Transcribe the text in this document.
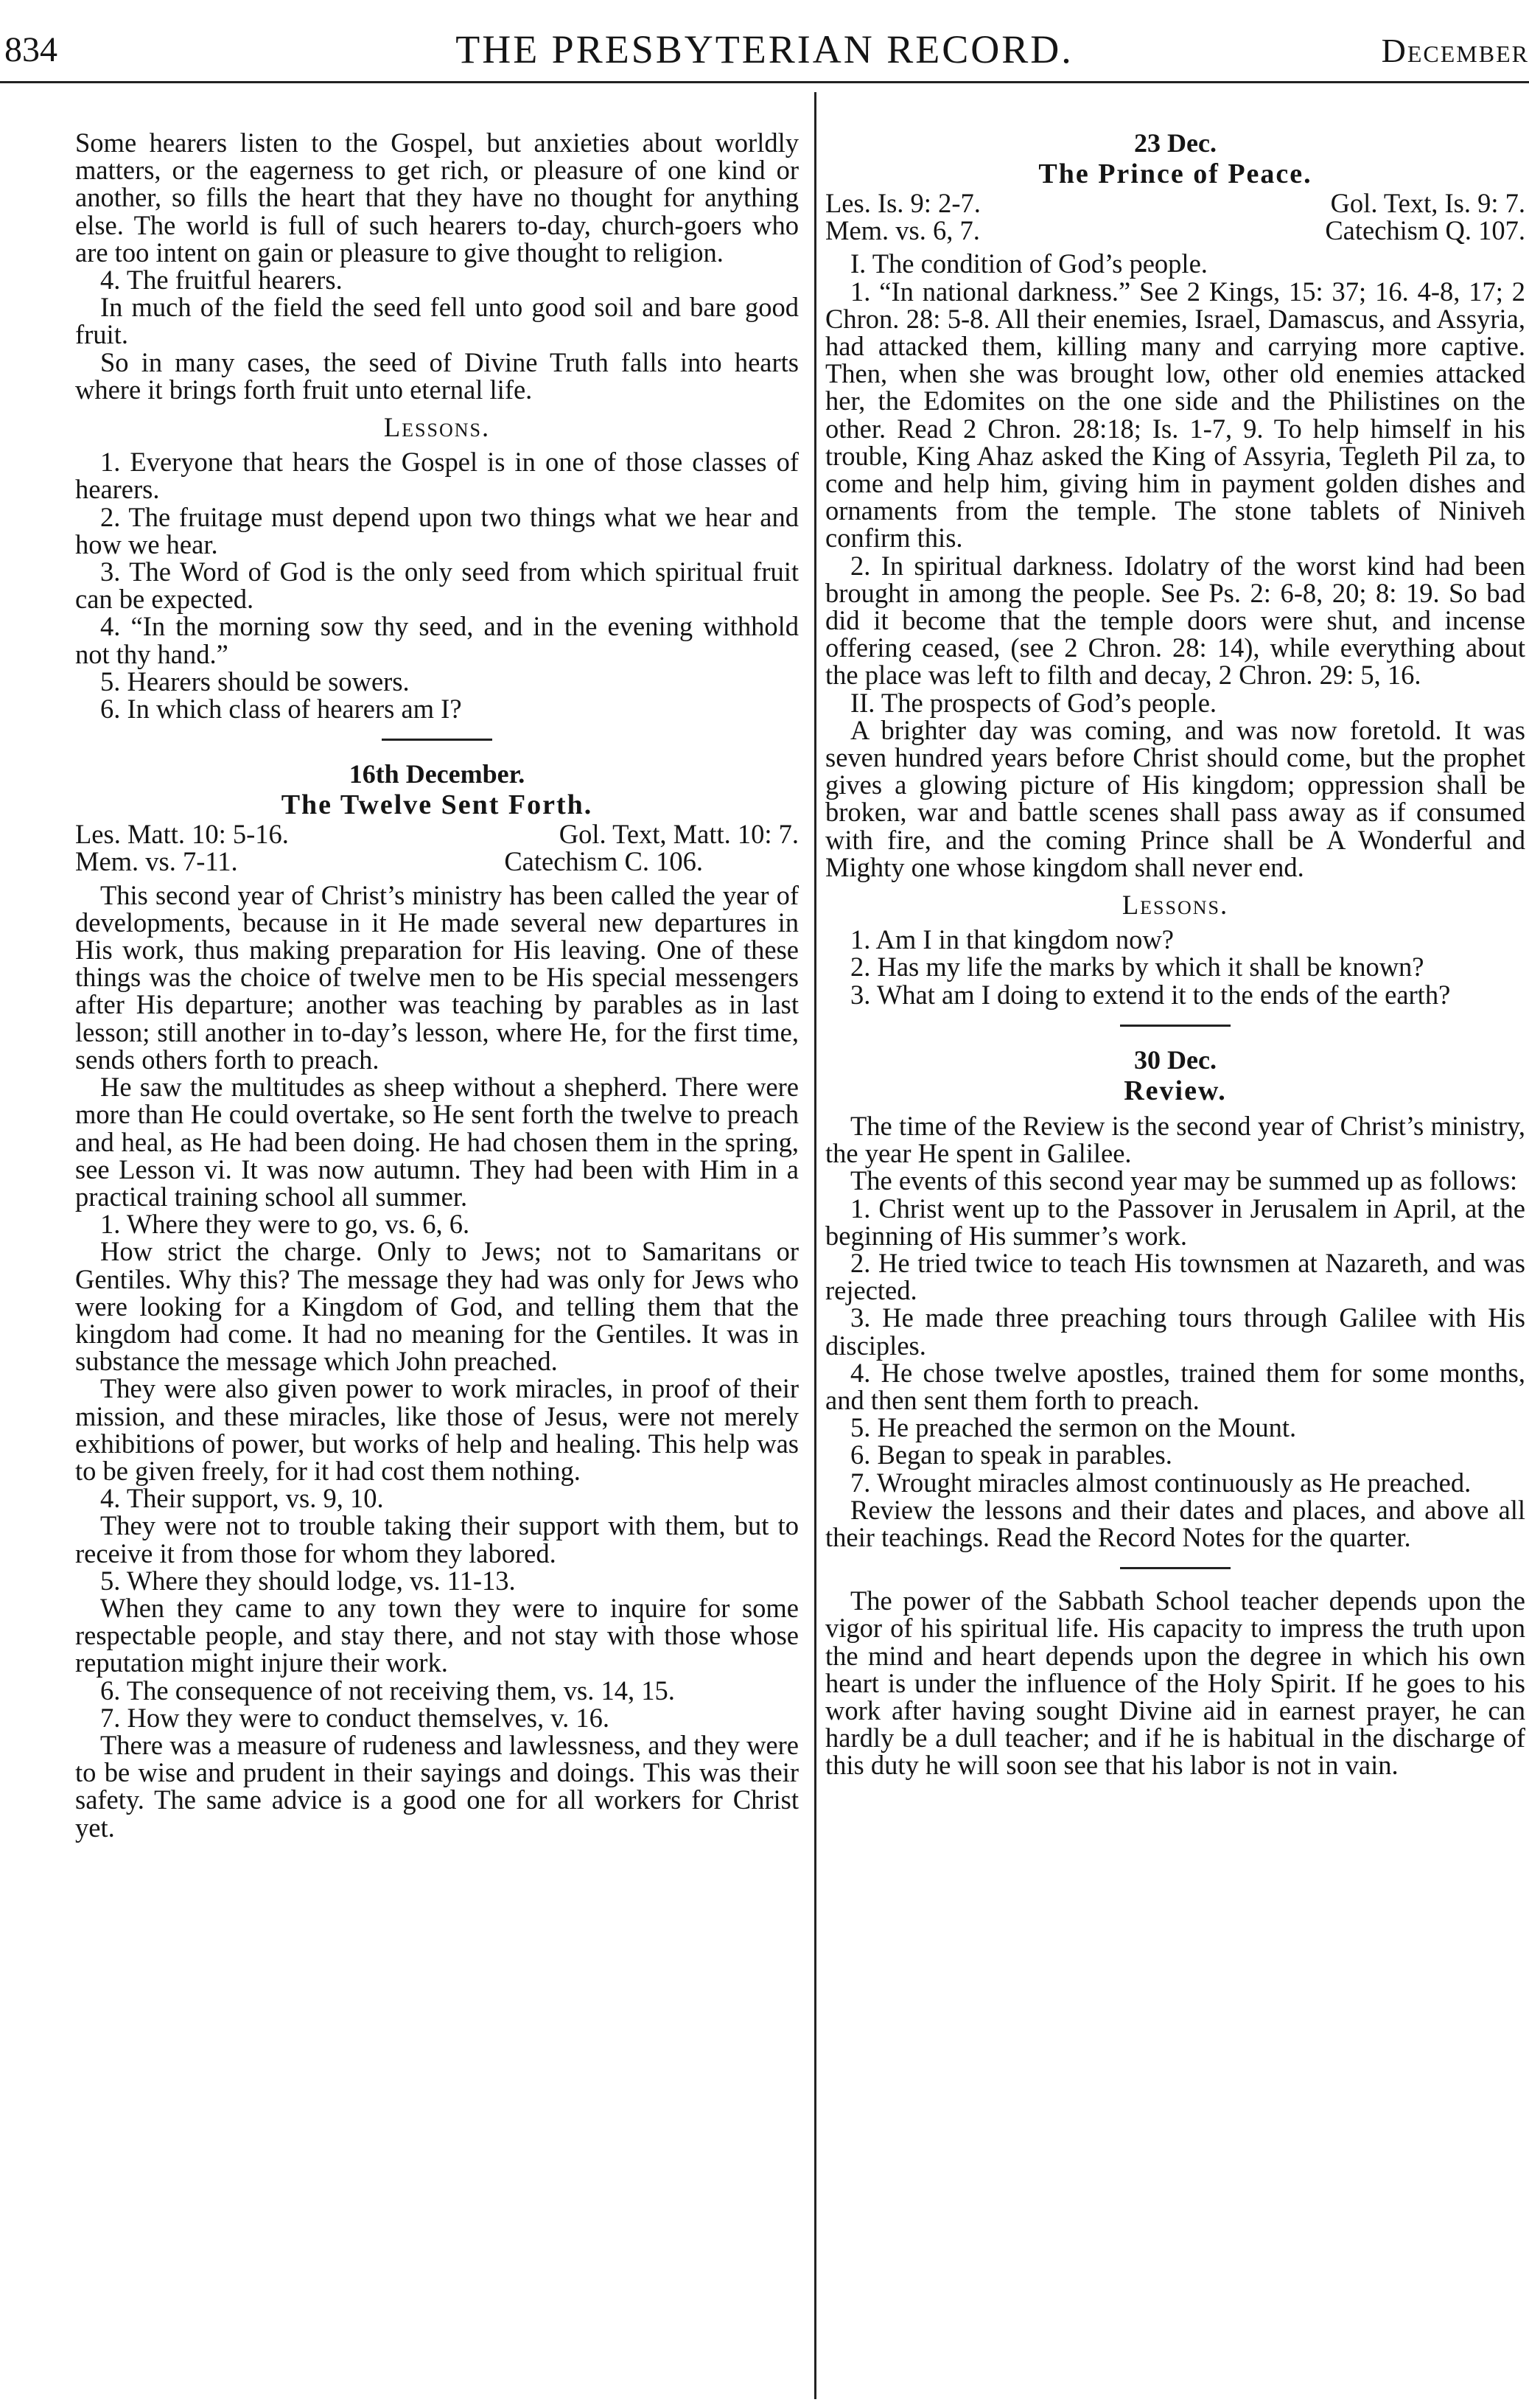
834	THE PRESBYTERIAN RECORD.	December

Some hearers listen to the Gospel, but anxieties about worldly matters, or the eagerness to get rich, or pleasure of one kind or another, so fills the heart that they have no thought for anything else. The world is full of such hearers to-day, church-goers who are too intent on gain or pleasure to give thought to religion.

4. The fruitful hearers.

In much of the field the seed fell unto good soil and bare good fruit.

So in many cases, the seed of Divine Truth falls into hearts where it brings forth fruit unto eternal life.

Lessons.

1. Everyone that hears the Gospel is in one of those classes of hearers.

2. The fruitage must depend upon two things what we hear and how we hear.

3. The Word of God is the only seed from which spiritual fruit can be expected.

4. “In the morning sow thy seed, and in the evening withhold not thy hand.”

5. Hearers should be sowers.

6. In which class of hearers am I?

16th December.
The Twelve Sent Forth.
Les. Matt. 10: 5-16.	Gol. Text, Matt. 10: 7.
Mem. vs. 7-11.	Catechism C. 106.

This second year of Christ’s ministry has been called the year of developments, because in it He made several new departures in His work, thus making preparation for His leaving. One of these things was the choice of twelve men to be His special messengers after His departure; another was teaching by parables as in last lesson; still another in to-day’s lesson, where He, for the first time, sends others forth to preach.

He saw the multitudes as sheep without a shepherd. There were more than He could overtake, so He sent forth the twelve to preach and heal, as He had been doing. He had chosen them in the spring, see Lesson vi. It was now autumn. They had been with Him in a practical training school all summer.

1. Where they were to go, vs. 6, 6.

How strict the charge. Only to Jews; not to Samaritans or Gentiles. Why this? The message they had was only for Jews who were looking for a Kingdom of God, and telling them that the kingdom had come. It had no meaning for the Gentiles. It was in substance the message which John preached.

They were also given power to work miracles, in proof of their mission, and these miracles, like those of Jesus, were not merely exhibitions of power, but works of help and healing. This help was to be given freely, for it had cost them nothing.

4. Their support, vs. 9, 10.

They were not to trouble taking their support with them, but to receive it from those for whom they labored.

5. Where they should lodge, vs. 11-13.

When they came to any town they were to inquire for some respectable people, and stay there, and not stay with those whose reputation might injure their work.

6. The consequence of not receiving them, vs. 14, 15.

7. How they were to conduct themselves, v. 16.

There was a measure of rudeness and lawlessness, and they were to be wise and prudent in their sayings and doings. This was their safety. The same advice is a good one for all workers for Christ yet.

23 Dec.
The Prince of Peace.
Les. Is. 9: 2-7.	Gol. Text, Is. 9: 7.
Mem. vs. 6, 7.	Catechism Q. 107.

I. The condition of God’s people.

1. “In national darkness.” See 2 Kings, 15: 37; 16. 4-8, 17; 2 Chron. 28: 5-8. All their enemies, Israel, Damascus, and Assyria, had attacked them, killing many and carrying more captive. Then, when she was brought low, other old enemies attacked her, the Edomites on the one side and the Philistines on the other. Read 2 Chron. 28:18; Is. 1-7, 9. To help himself in his trouble, King Ahaz asked the King of Assyria, Tegleth Pil za, to come and help him, giving him in payment golden dishes and ornaments from the temple. The stone tablets of Niniveh confirm this.

2. In spiritual darkness. Idolatry of the worst kind had been brought in among the people. See Ps. 2: 6-8, 20; 8: 19. So bad did it become that the temple doors were shut, and incense offering ceased, (see 2 Chron. 28: 14), while everything about the place was left to filth and decay, 2 Chron. 29: 5, 16.

II. The prospects of God’s people.

A brighter day was coming, and was now foretold. It was seven hundred years before Christ should come, but the prophet gives a glowing picture of His kingdom; oppression shall be broken, war and battle scenes shall pass away as if consumed with fire, and the coming Prince shall be A Wonderful and Mighty one whose kingdom shall never end.

Lessons.

1. Am I in that kingdom now?

2. Has my life the marks by which it shall be known?

3. What am I doing to extend it to the ends of the earth?

30 Dec.
Review.

The time of the Review is the second year of Christ’s ministry, the year He spent in Galilee.

The events of this second year may be summed up as follows:

1. Christ went up to the Passover in Jerusalem in April, at the beginning of His summer’s work.

2. He tried twice to teach His townsmen at Nazareth, and was rejected.

3. He made three preaching tours through Galilee with His disciples.

4. He chose twelve apostles, trained them for some months, and then sent them forth to preach.

5. He preached the sermon on the Mount.

6. Began to speak in parables.

7. Wrought miracles almost continuously as He preached.

Review the lessons and their dates and places, and above all their teachings. Read the Record Notes for the quarter.

The power of the Sabbath School teacher depends upon the vigor of his spiritual life. His capacity to impress the truth upon the mind and heart depends upon the degree in which his own heart is under the influence of the Holy Spirit. If he goes to his work after having sought Divine aid in earnest prayer, he can hardly be a dull teacher; and if he is habitual in the discharge of this duty he will soon see that his labor is not in vain.
